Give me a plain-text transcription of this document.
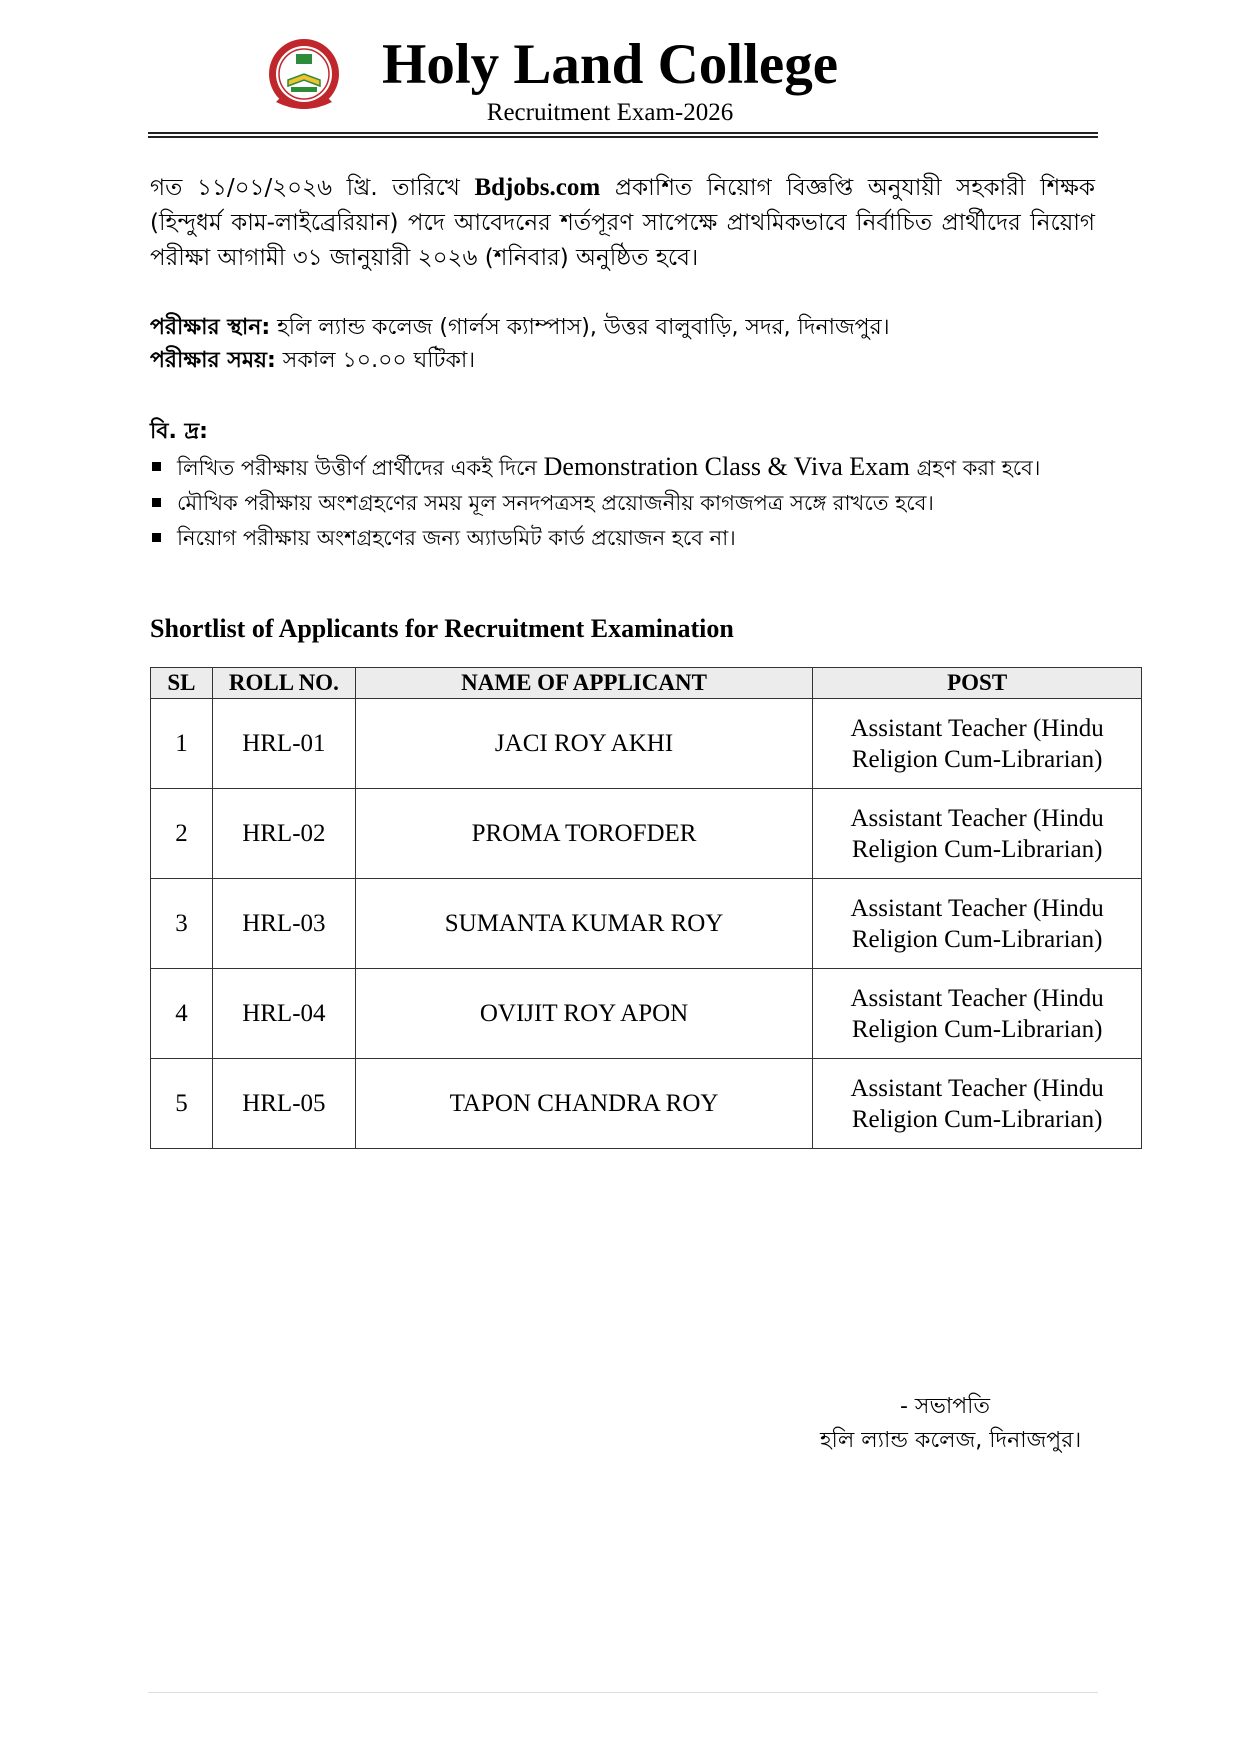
Holy Land College
Recruitment Exam-2026
গত ১১/০১/২০২৬ খ্রি. তারিখে Bdjobs.com প্রকাশিত নিয়োগ বিজ্ঞপ্তি অনুযায়ী সহকারী শিক্ষক (হিন্দুধর্ম কাম-লাইব্রেরিয়ান) পদে আবেদনের শর্তপূরণ সাপেক্ষে প্রাথমিকভাবে নির্বাচিত প্রার্থীদের নিয়োগ পরীক্ষা আগামী ৩১ জানুয়ারী ২০২৬ (শনিবার) অনুষ্ঠিত হবে।
পরীক্ষার স্থান: হলি ল্যান্ড কলেজ (গার্লস ক্যাম্পাস), উত্তর বালুবাড়ি, সদর, দিনাজপুর।
পরীক্ষার সময়: সকাল ১০.০০ ঘটিকা।
বি. দ্র:
লিখিত পরীক্ষায় উত্তীর্ণ প্রার্থীদের একই দিনে Demonstration Class & Viva Exam গ্রহণ করা হবে।
মৌখিক পরীক্ষায় অংশগ্রহণের সময় মূল সনদপত্রসহ প্রয়োজনীয় কাগজপত্র সঙ্গে রাখতে হবে।
নিয়োগ পরীক্ষায় অংশগ্রহণের জন্য অ্যাডমিট কার্ড প্রয়োজন হবে না।
Shortlist of Applicants for Recruitment Examination
SL	ROLL NO.	NAME OF APPLICANT	POST
1	HRL-01	JACI ROY AKHI	Assistant Teacher (Hindu Religion Cum-Librarian)
2	HRL-02	PROMA TOROFDER	Assistant Teacher (Hindu Religion Cum-Librarian)
3	HRL-03	SUMANTA KUMAR ROY	Assistant Teacher (Hindu Religion Cum-Librarian)
4	HRL-04	OVIJIT ROY APON	Assistant Teacher (Hindu Religion Cum-Librarian)
5	HRL-05	TAPON CHANDRA ROY	Assistant Teacher (Hindu Religion Cum-Librarian)
- সভাপতি
হলি ল্যান্ড কলেজ, দিনাজপুর।
